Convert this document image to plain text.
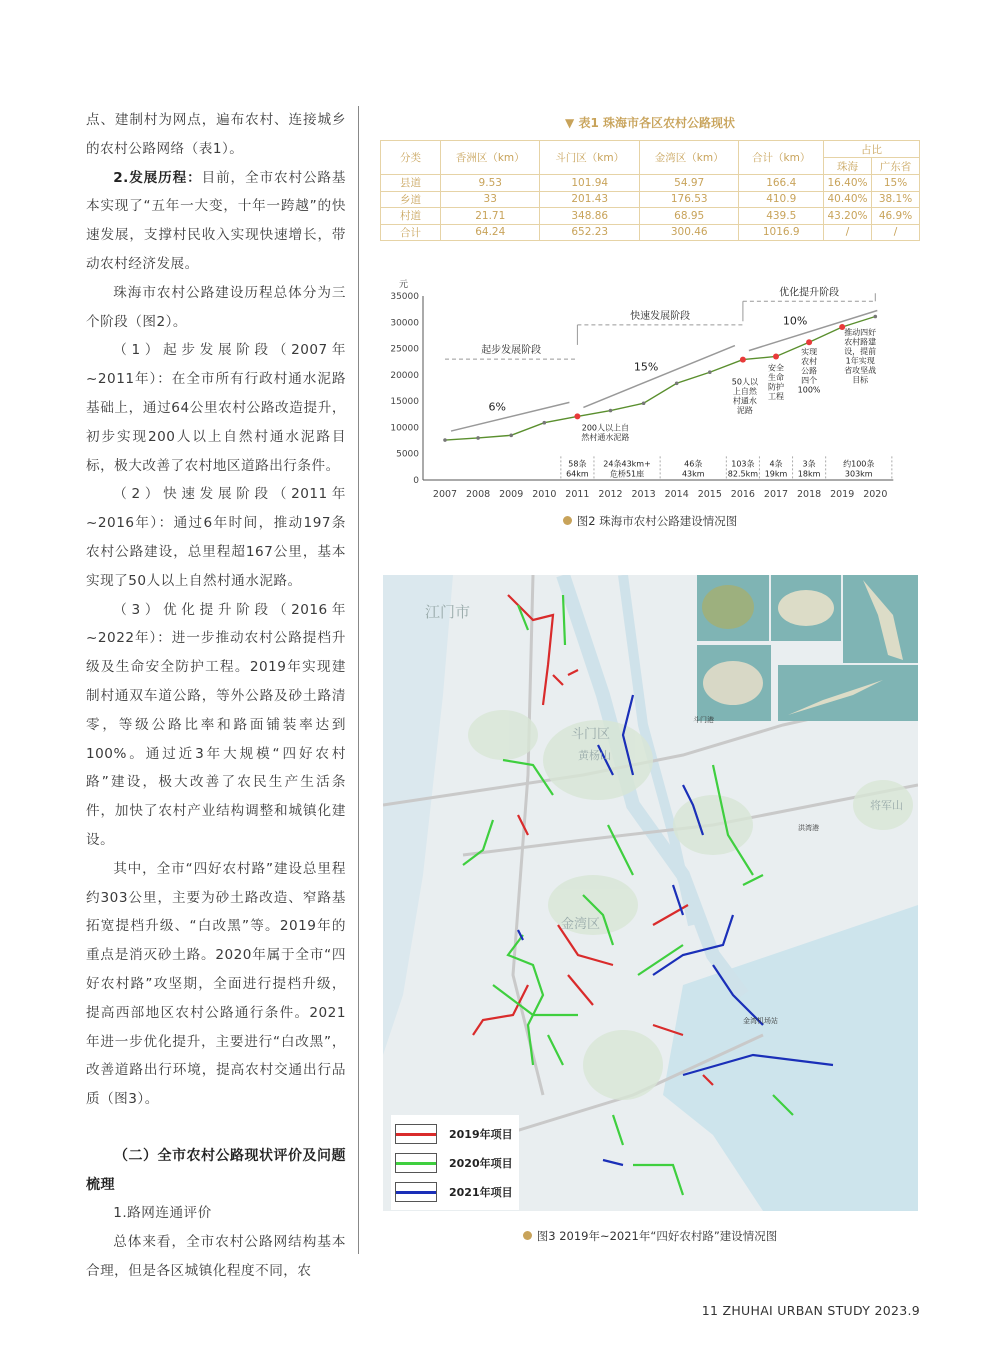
点、建制村为网点，遍布农村、连接城乡的农村公路网络（表1）。

2.发展历程：目前，全市农村公路基本实现了“五年一大变，十年一跨越”的快速发展，支撑村民收入实现快速增长，带动农村经济发展。

珠海市农村公路建设历程总体分为三个阶段（图2）。

（1）起步发展阶段（2007年~2011年）：在全市所有行政村通水泥路基础上，通过64公里农村公路改造提升，初步实现200人以上自然村通水泥路目标，极大改善了农村地区道路出行条件。

（2）快速发展阶段（2011年~2016年）：通过6年时间，推动197条农村公路建设，总里程超167公里，基本实现了50人以上自然村通水泥路。

（3）优化提升阶段（2016年~2022年）：进一步推动农村公路提档升级及生命安全防护工程。2019年实现建制村通双车道公路，等外公路及砂土路清零，等级公路比率和路面铺装率达到100%。通过近3年大规模“四好农村路”建设，极大改善了农民生产生活条件，加快了农村产业结构调整和城镇化建设。

其中，全市“四好农村路”建设总里程约303公里，主要为砂土路改造、窄路基拓宽提档升级、“白改黑”等。2019年的重点是消灭砂土路。2020年属于全市“四好农村路”攻坚期，全面进行提档升级，提高西部地区农村公路通行条件。2021年进一步优化提升，主要进行“白改黑”，改善道路出行环境，提高农村交通出行品质（图3）。

（二）全市农村公路现状评价及问题梳理

1.路网连通评价

总体来看，全市农村公路网结构基本合理，但是各区城镇化程度不同，农

▼ 表1 珠海市各区农村公路现状
分类	香洲区（km）	斗门区（km）	金湾区（km）	合计（km）	占比	
					珠海	广东省
县道	9.53	101.94	54.97	166.4	16.40%	15%
乡道	33	201.43	176.53	410.9	40.40%	38.1%
村道	21.71	348.86	68.95	439.5	43.20%	46.9%
合计	64.24	652.23	300.46	1016.9	/	/
元
0
5000
10000
15000
20000
25000
30000
35000
2007 2008 2009 2010 2011 2012 2013 2014 2015 2016 2017 2018 2019 2020
200人以上自然村通水泥路
50人以上自然村通水泥路
安全生命防护工程
实现农村公路四个 100%
推动四好农村路建设，提前 1年实现省攻坚战目标
起步发展阶段
6%
快速发展阶段
15%
优化提升阶段
10%
58条 64km
24条43km+危桥51座
46条 43km
103条 82.5km
4条 19km
3条 18km
约100条 303km
图2 珠海市农村公路建设情况图
江门市
斗门区
黄杨山
金湾区
将军山
斗门港
洪湾港
金湾机场站
2019年项目
2020年项目
2021年项目
图3 2019年~2021年“四好农村路”建设情况图
11 ZHUHAI URBAN STUDY 2023.9
